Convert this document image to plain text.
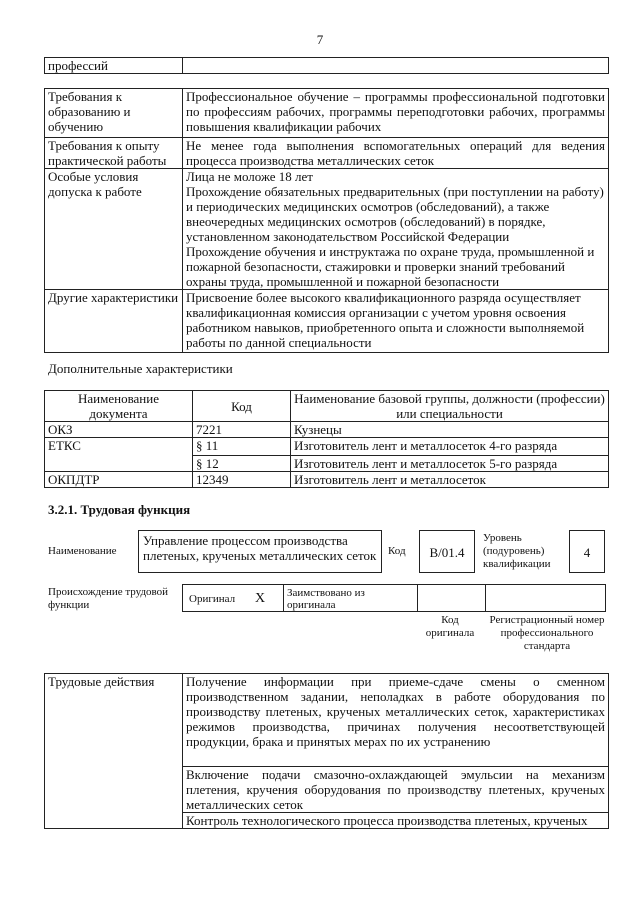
7
профессий	
Требования к образованию и обучению	Профессиональное обучение – программы профессиональной подготовки по профессиям рабочих, программы переподготовки рабочих, программы повышения квалификации рабочих

Требования к опыту практической работы	Не менее года выполнения вспомогательных операций для ведения процесса производства металлических сеток

Особые условия допуска к работе	Лица не моложе 18 лет
Прохождение обязательных предварительных (при поступлении на работу) и периодических медицинских осмотров (обследований), а также внеочередных медицинских осмотров (обследований) в порядке, установленном законодательством Российской Федерации
Прохождение обучения и инструктажа по охране труда, промышленной и пожарной безопасности, стажировки и проверки знаний требований охраны труда, промышленной и пожарной безопасности

Другие характеристики	Присвоение более высокого квалификационного разряда осуществляет квалификационная комиссия организации с учетом уровня освоения работником навыков, приобретенного опыта и сложности выполняемой работы по данной специальности
Дополнительные характеристики
Наименование документа	Код	Наименование базовой группы, должности (профессии) или специальности
ОКЗ	7221	Кузнецы
ЕТКС	§ 11	Изготовитель лент и металлосеток 4-го разряда
	§ 12	Изготовитель лент и металлосеток 5-го разряда
ОКПДТР	12349	Изготовитель лент и металлосеток
3.2.1. Трудовая функция
Наименование
Управление процессом производства плетеных, крученых металлических сеток	Код	В/01.4
Уровень (подуровень) квалификации
4
Происхождение трудовой функции	Оригинал X Заимствовано из оригинала
Код оригинала
Регистрационный номер профессионального стандарта
Трудовые действия	Получение информации при приеме-сдаче смены о сменном производственном задании, неполадках в работе оборудования по производству плетеных, крученых металлических сеток, характеристиках режимов производства, причинах получения несоответствующей продукции, брака и принятых мерах по их устранению
Включение подачи смазочно-охлаждающей эмульсии на механизм плетения, кручения оборудования по производству плетеных, крученых металлических сеток
Контроль технологического процесса производства плетеных, крученых
